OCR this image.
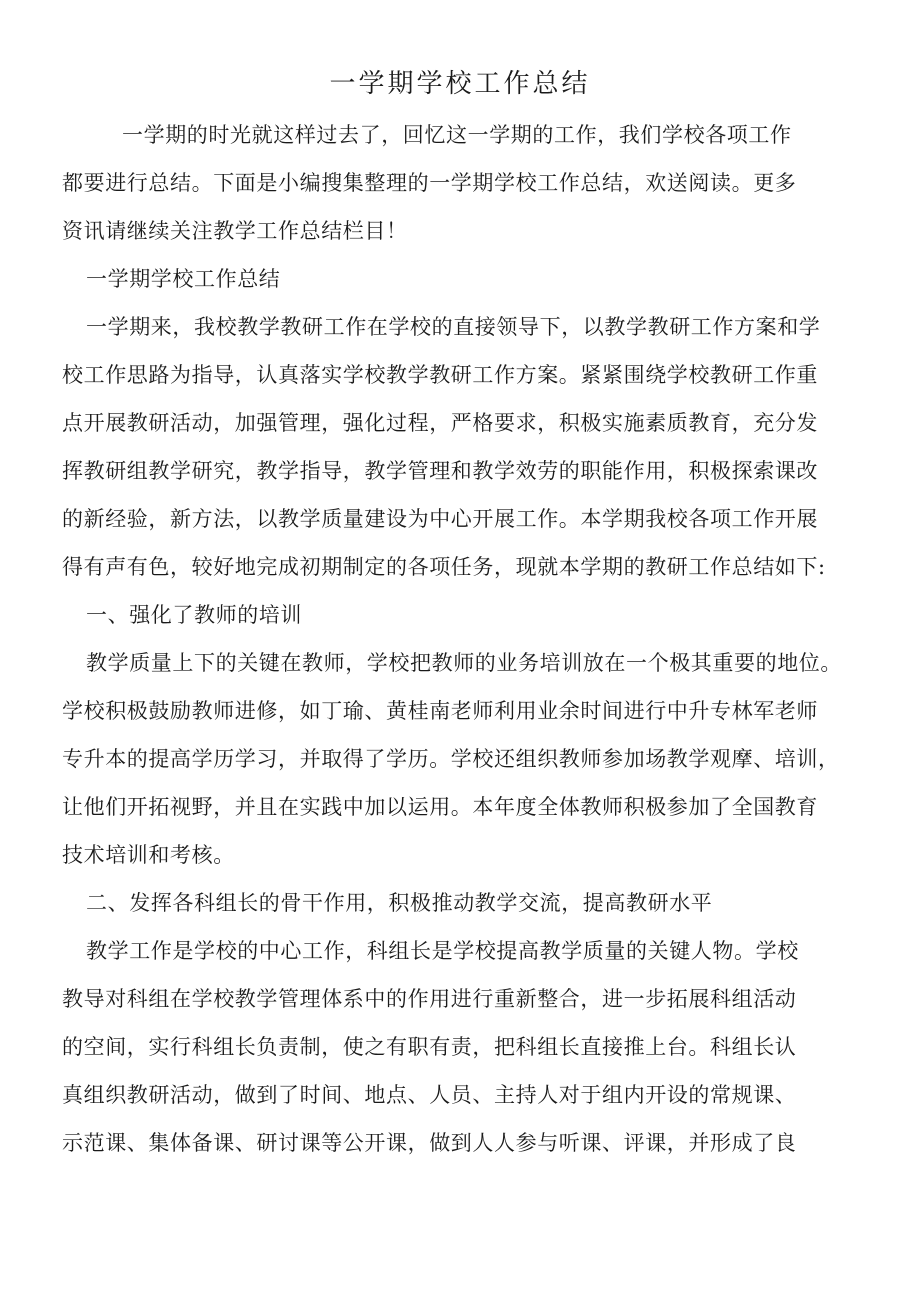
一学期学校工作总结
一学期的时光就这样过去了，回忆这一学期的工作，我们学校各项工作
都要进行总结。下面是小编搜集整理的一学期学校工作总结，欢送阅读。更多
资讯请继续关注教学工作总结栏目！
一学期学校工作总结
一学期来，我校教学教研工作在学校的直接领导下，以教学教研工作方案和学
校工作思路为指导，认真落实学校教学教研工作方案。紧紧围绕学校教研工作重
点开展教研活动，加强管理，强化过程，严格要求，积极实施素质教育，充分发
挥教研组教学研究，教学指导，教学管理和教学效劳的职能作用，积极探索课改
的新经验，新方法，以教学质量建设为中心开展工作。本学期我校各项工作开展
得有声有色，较好地完成初期制定的各项任务，现就本学期的教研工作总结如下:
一、强化了教师的培训
教学质量上下的关键在教师，学校把教师的业务培训放在一个极其重要的地位。
学校积极鼓励教师进修，如丁瑜、黄桂南老师利用业余时间进行中升专林军老师
专升本的提高学历学习，并取得了学历。学校还组织教师参加场教学观摩、培训，
让他们开拓视野，并且在实践中加以运用。本年度全体教师积极参加了全国教育
技术培训和考核。
二、发挥各科组长的骨干作用，积极推动教学交流，提高教研水平
教学工作是学校的中心工作，科组长是学校提高教学质量的关键人物。学校
教导对科组在学校教学管理体系中的作用进行重新整合，进一步拓展科组活动
的空间，实行科组长负责制，使之有职有责，把科组长直接推上台。科组长认
真组织教研活动，做到了时间、地点、人员、主持人对于组内开设的常规课、
示范课、集体备课、研讨课等公开课，做到人人参与听课、评课，并形成了良
